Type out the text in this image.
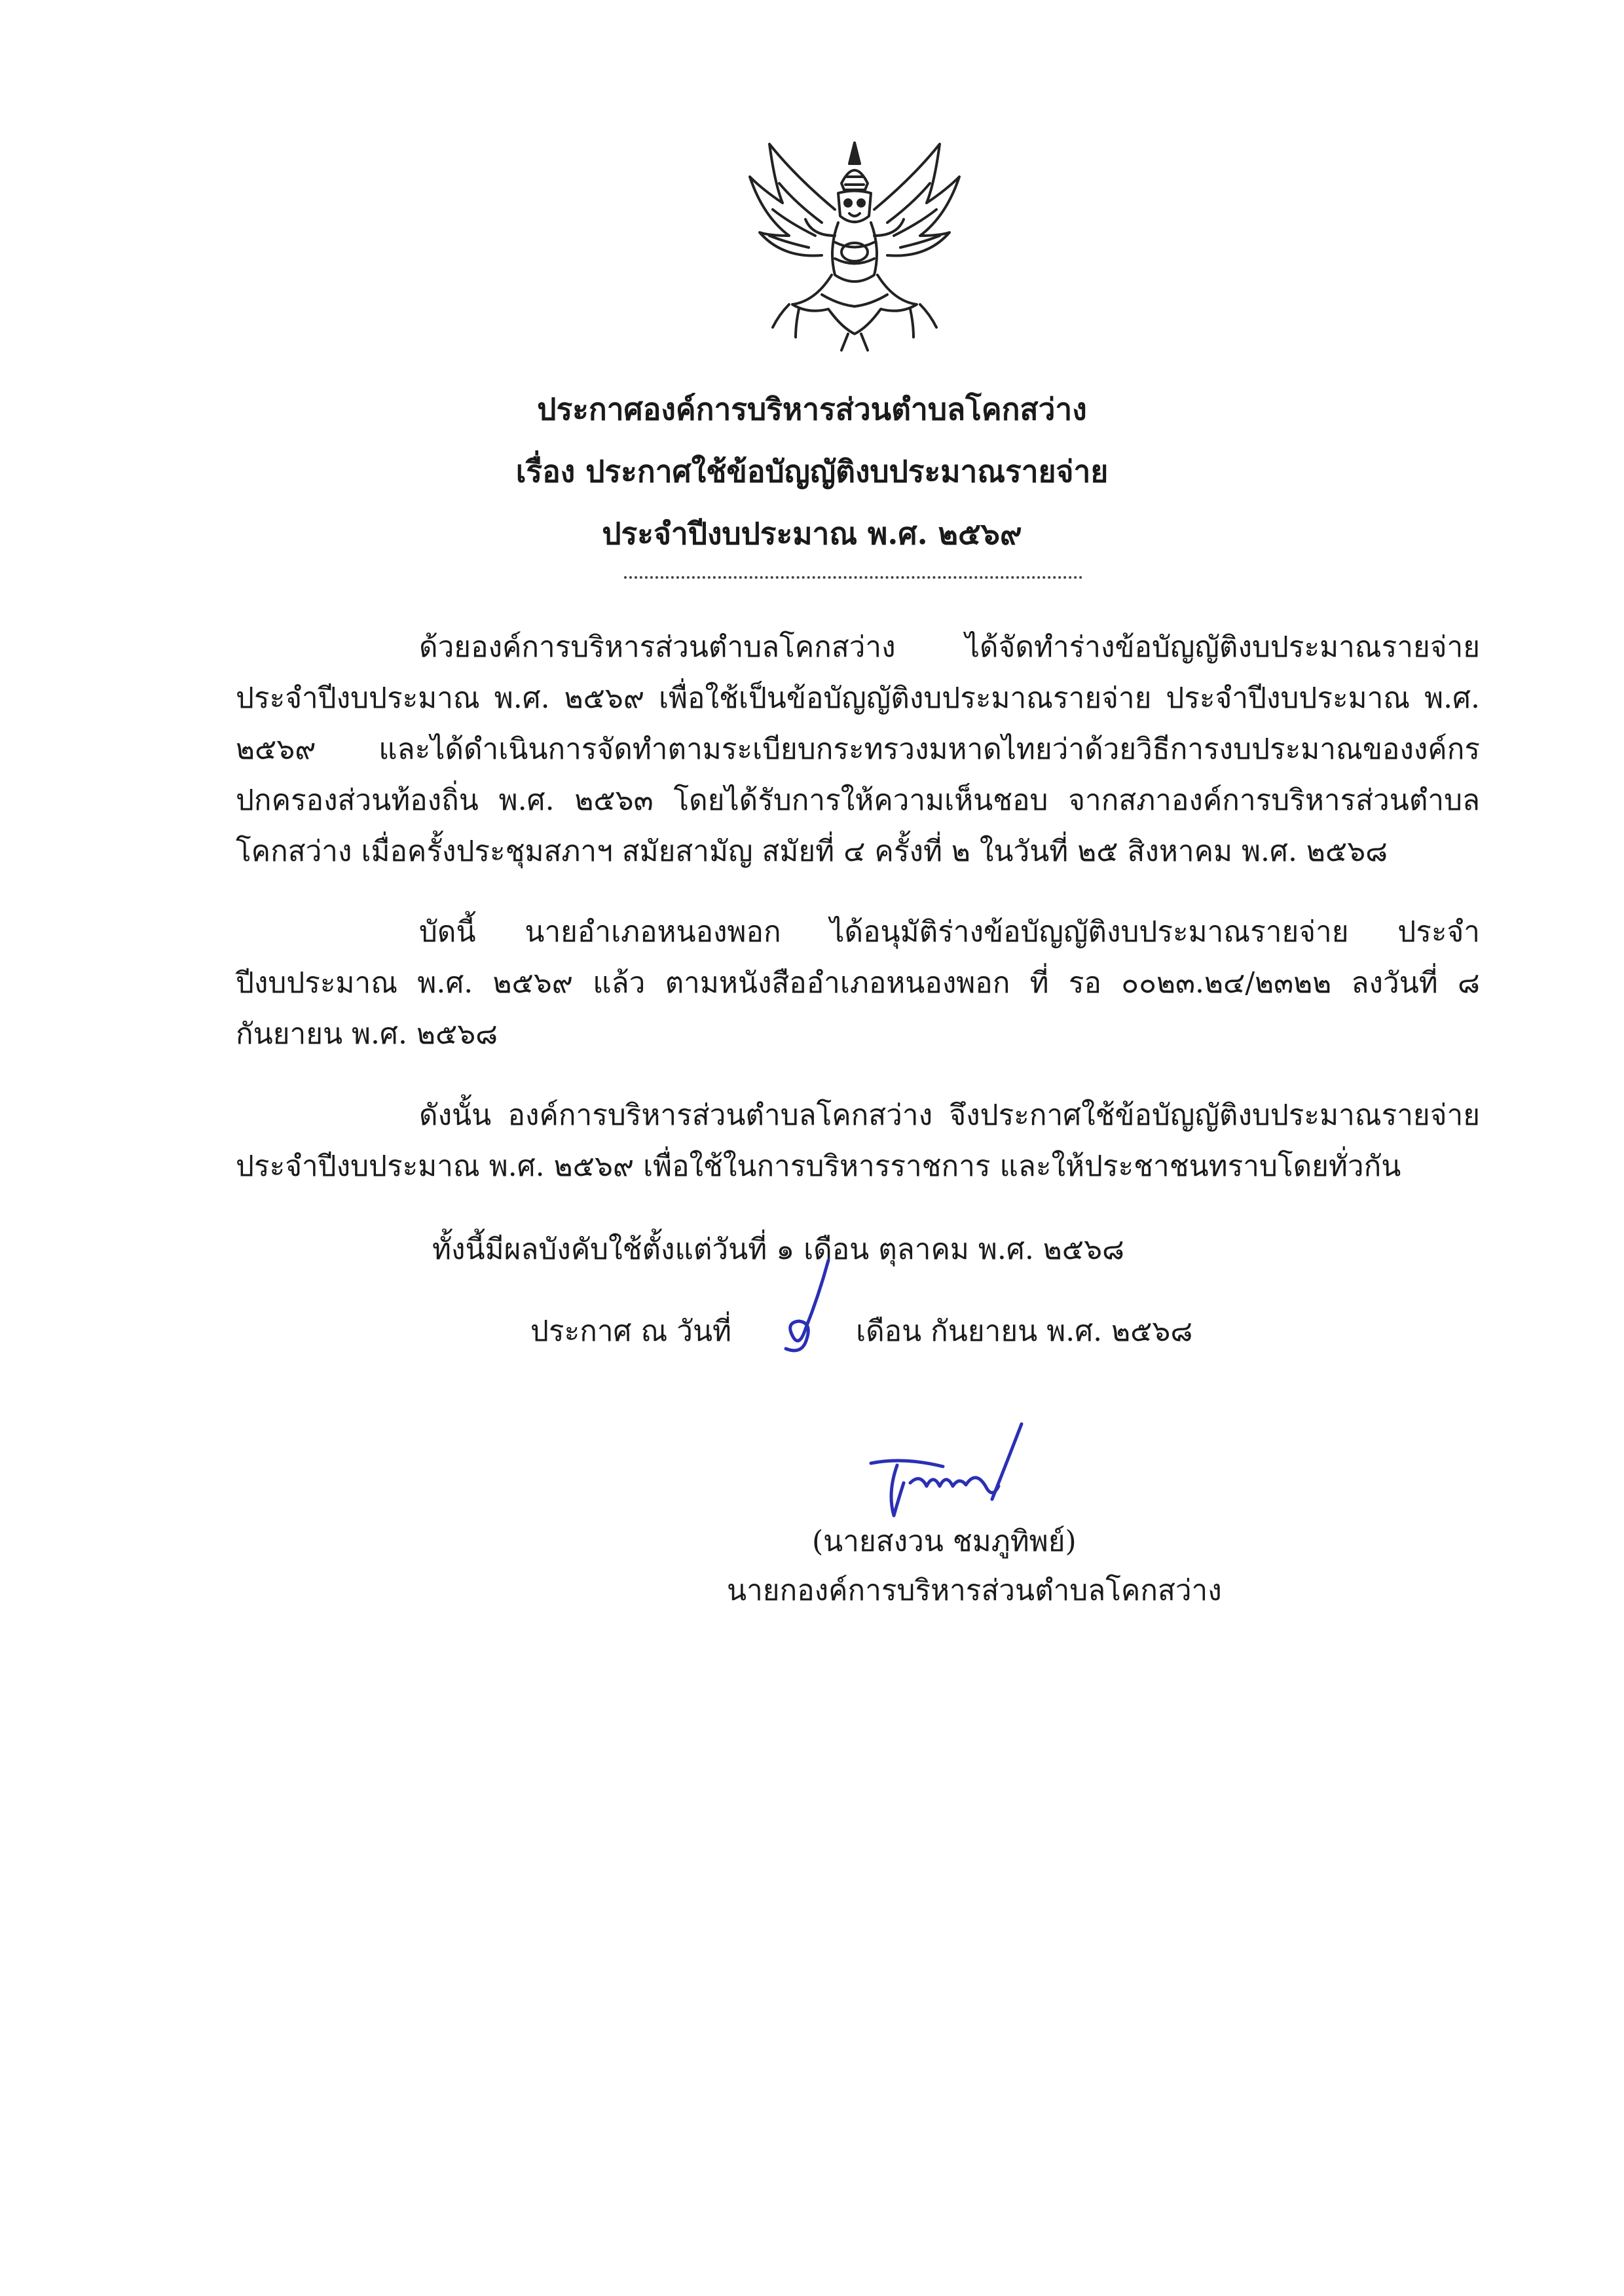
ประกาศองค์การบริหารส่วนตำบลโคกสว่าง
เรื่อง ประกาศใช้ข้อบัญญัติงบประมาณรายจ่าย
ประจำปีงบประมาณ พ.ศ. ๒๕๖๙
ด้วยองค์การบริหารส่วนตำบลโคกสว่าง ได้จัดทำร่างข้อบัญญัติงบประมาณรายจ่าย ประจำปีงบประมาณ พ.ศ. ๒๕๖๙ เพื่อใช้เป็นข้อบัญญัติงบประมาณรายจ่าย ประจำปีงบประมาณ พ.ศ. ๒๕๖๙ และได้ดำเนินการจัดทำตามระเบียบกระทรวงมหาดไทยว่าด้วยวิธีการงบประมาณของงค์กรปกครองส่วนท้องถิ่น พ.ศ. ๒๕๖๓ โดยได้รับการให้ความเห็นชอบ จากสภาองค์การบริหารส่วนตำบลโคกสว่าง เมื่อครั้งประชุมสภาฯ สมัยสามัญ สมัยที่ ๔ ครั้งที่ ๒ ในวันที่ ๒๕ สิงหาคม พ.ศ. ๒๕๖๘
บัดนี้ นายอำเภอหนองพอก ได้อนุมัติร่างข้อบัญญัติงบประมาณรายจ่าย ประจำปีงบประมาณ พ.ศ. ๒๕๖๙ แล้ว ตามหนังสืออำเภอหนองพอก ที่ รอ ๐๐๒๓.๒๔/๒๓๒๒ ลงวันที่ ๘ กันยายน พ.ศ. ๒๕๖๘
ดังนั้น องค์การบริหารส่วนตำบลโคกสว่าง จึงประกาศใช้ข้อบัญญัติงบประมาณรายจ่าย ประจำปีงบประมาณ พ.ศ. ๒๕๖๙ เพื่อใช้ในการบริหารราชการ และให้ประชาชนทราบโดยทั่วกัน
ทั้งนี้มีผลบังคับใช้ตั้งแต่วันที่ ๑ เดือน ตุลาคม พ.ศ. ๒๕๖๘
ประกาศ ณ วันที่	เดือน กันยายน พ.ศ. ๒๕๖๘
(นายสงวน ชมภูทิพย์)
นายกองค์การบริหารส่วนตำบลโคกสว่าง
